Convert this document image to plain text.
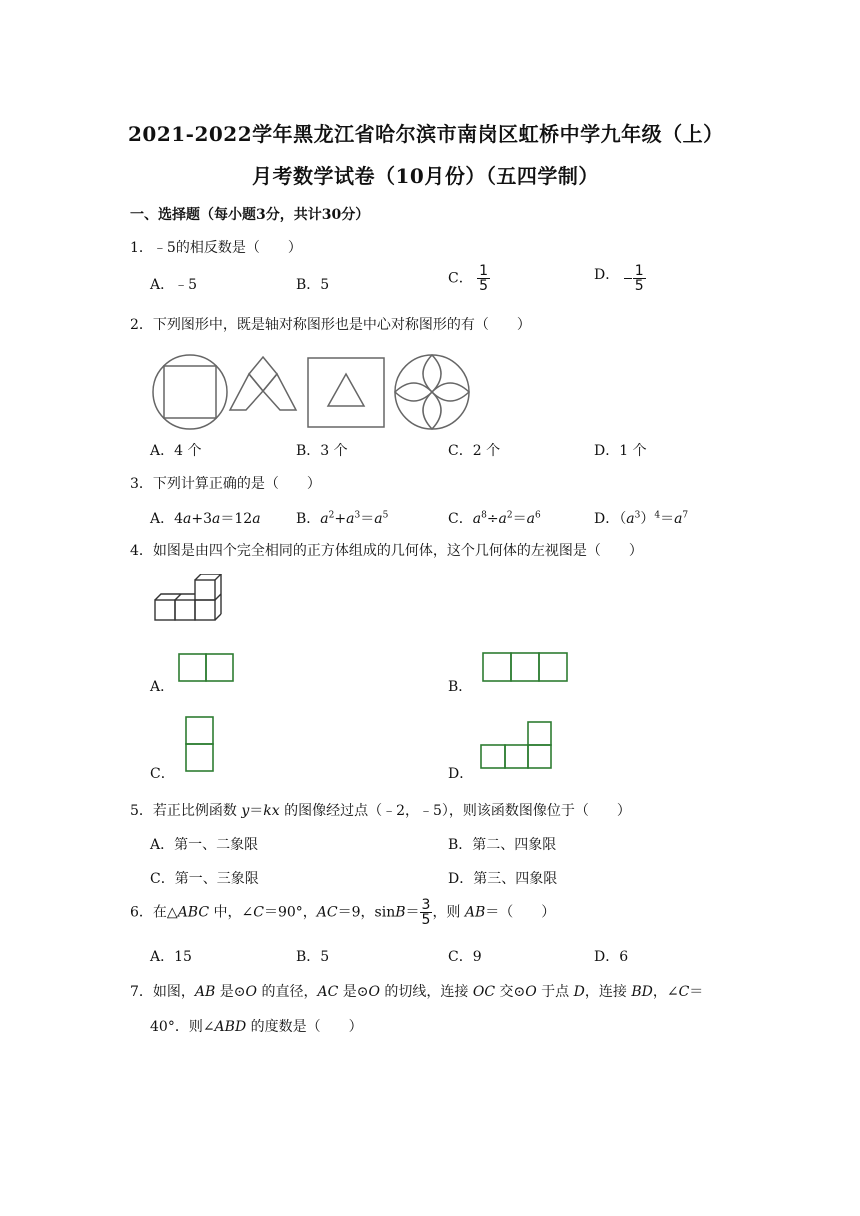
2021-2022学年黑龙江省哈尔滨市南岗区虹桥中学九年级（上）
月考数学试卷（10月份）（五四学制）
一、选择题（每小题3分，共计30分）
1．﹣5的相反数是（　　）
A．﹣5	B．5	C． $\frac{1}{5}$	D． $\frac{1}{5}$
2．下列图形中，既是轴对称图形也是中心对称图形的有（　　）
A．4 个	B．3 个	C．2 个	D．1 个
3．下列计算正确的是（　　）
A．4a+3a＝12a	B．$a^2+a^3=a^5$	C．$a^8\div a^2=a^6$	D．$(a^3)^4=a^7$
4．如图是由四个完全相同的正方体组成的几何体，这个几何体的左视图是（　　）
A．	B．
C．	D．
5．若正比例函数 y＝kx 的图像经过点（﹣2，﹣5），则该函数图像位于（　　）
A．第一、二象限	B．第二、四象限
C．第一、三象限	D．第三、四象限
6．在△ABC 中，∠C＝90°，AC＝9，$\sin B= \frac{3}{5}$ ，则 AB＝（　　）
A．15	B．5	C．9	D．6
7．如图，AB 是⊙O 的直径，AC 是⊙O 的切线，连接 OC 交⊙O 于点 D，连接 BD，∠C＝
40°．则∠ABD 的度数是（　　）
